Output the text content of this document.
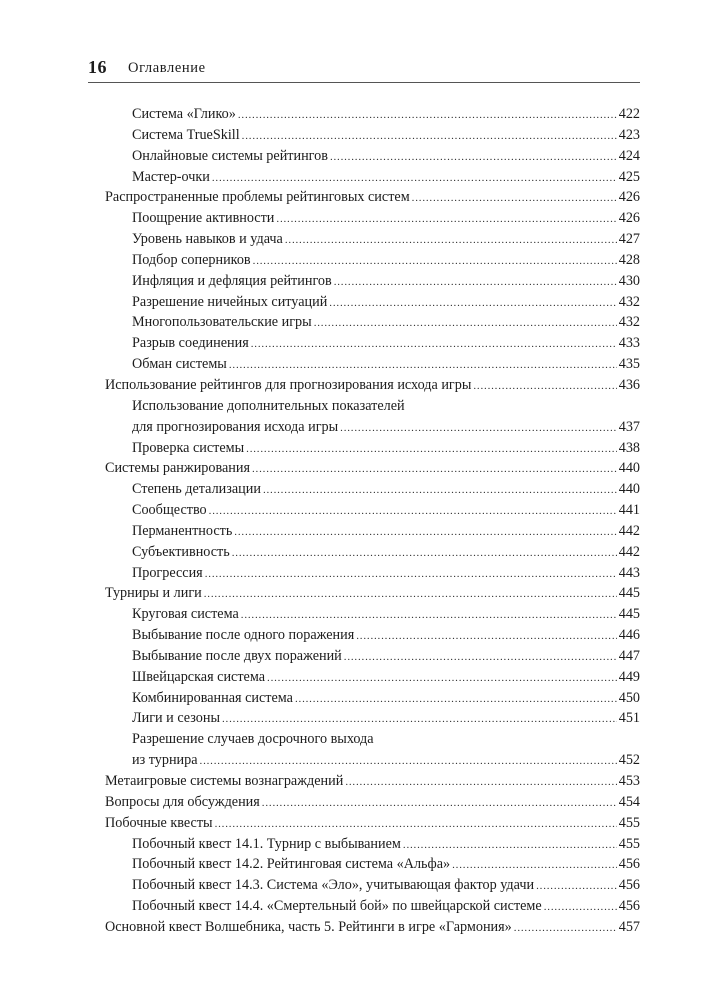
16 Оглавление
Система «Глико» .....	422
Система TrueSkill .....	423
Онлайновые системы рейтингов .....	424
Мастер-очки .....	425
Распространенные проблемы рейтинговых систем .....	426
Поощрение активности .....	426
Уровень навыков и удача .....	427
Подбор соперников .....	428
Инфляция и дефляция рейтингов .....	430
Разрешение ничейных ситуаций .....	432
Многопользовательские игры .....	432
Разрыв соединения .....	433
Обман системы .....	435
Использование рейтингов для прогнозирования исхода игры .....	436
Использование дополнительных показателей
для прогнозирования исхода игры .....	437
Проверка системы .....	438
Системы ранжирования .....	440
Степень детализации .....	440
Сообщество .....	441
Перманентность .....	442
Субъективность .....	442
Прогрессия .....	443
Турниры и лиги .....	445
Круговая система .....	445
Выбывание после одного поражения .....	446
Выбывание после двух поражений .....	447
Швейцарская система .....	449
Комбинированная система .....	450
Лиги и сезоны .....	451
Разрешение случаев досрочного выхода
из турнира .....	452
Метаигровые системы вознаграждений .....	453
Вопросы для обсуждения .....	454
Побочные квесты .....	455
Побочный квест 14.1. Турнир с выбыванием .....	455
Побочный квест 14.2. Рейтинговая система «Альфа» .....	456
Побочный квест 14.3. Система «Эло», учитывающая фактор удачи .....	456
Побочный квест 14.4. «Смертельный бой» по швейцарской системе .....	456
Основной квест Волшебника, часть 5. Рейтинги в игре «Гармония» .....	457
